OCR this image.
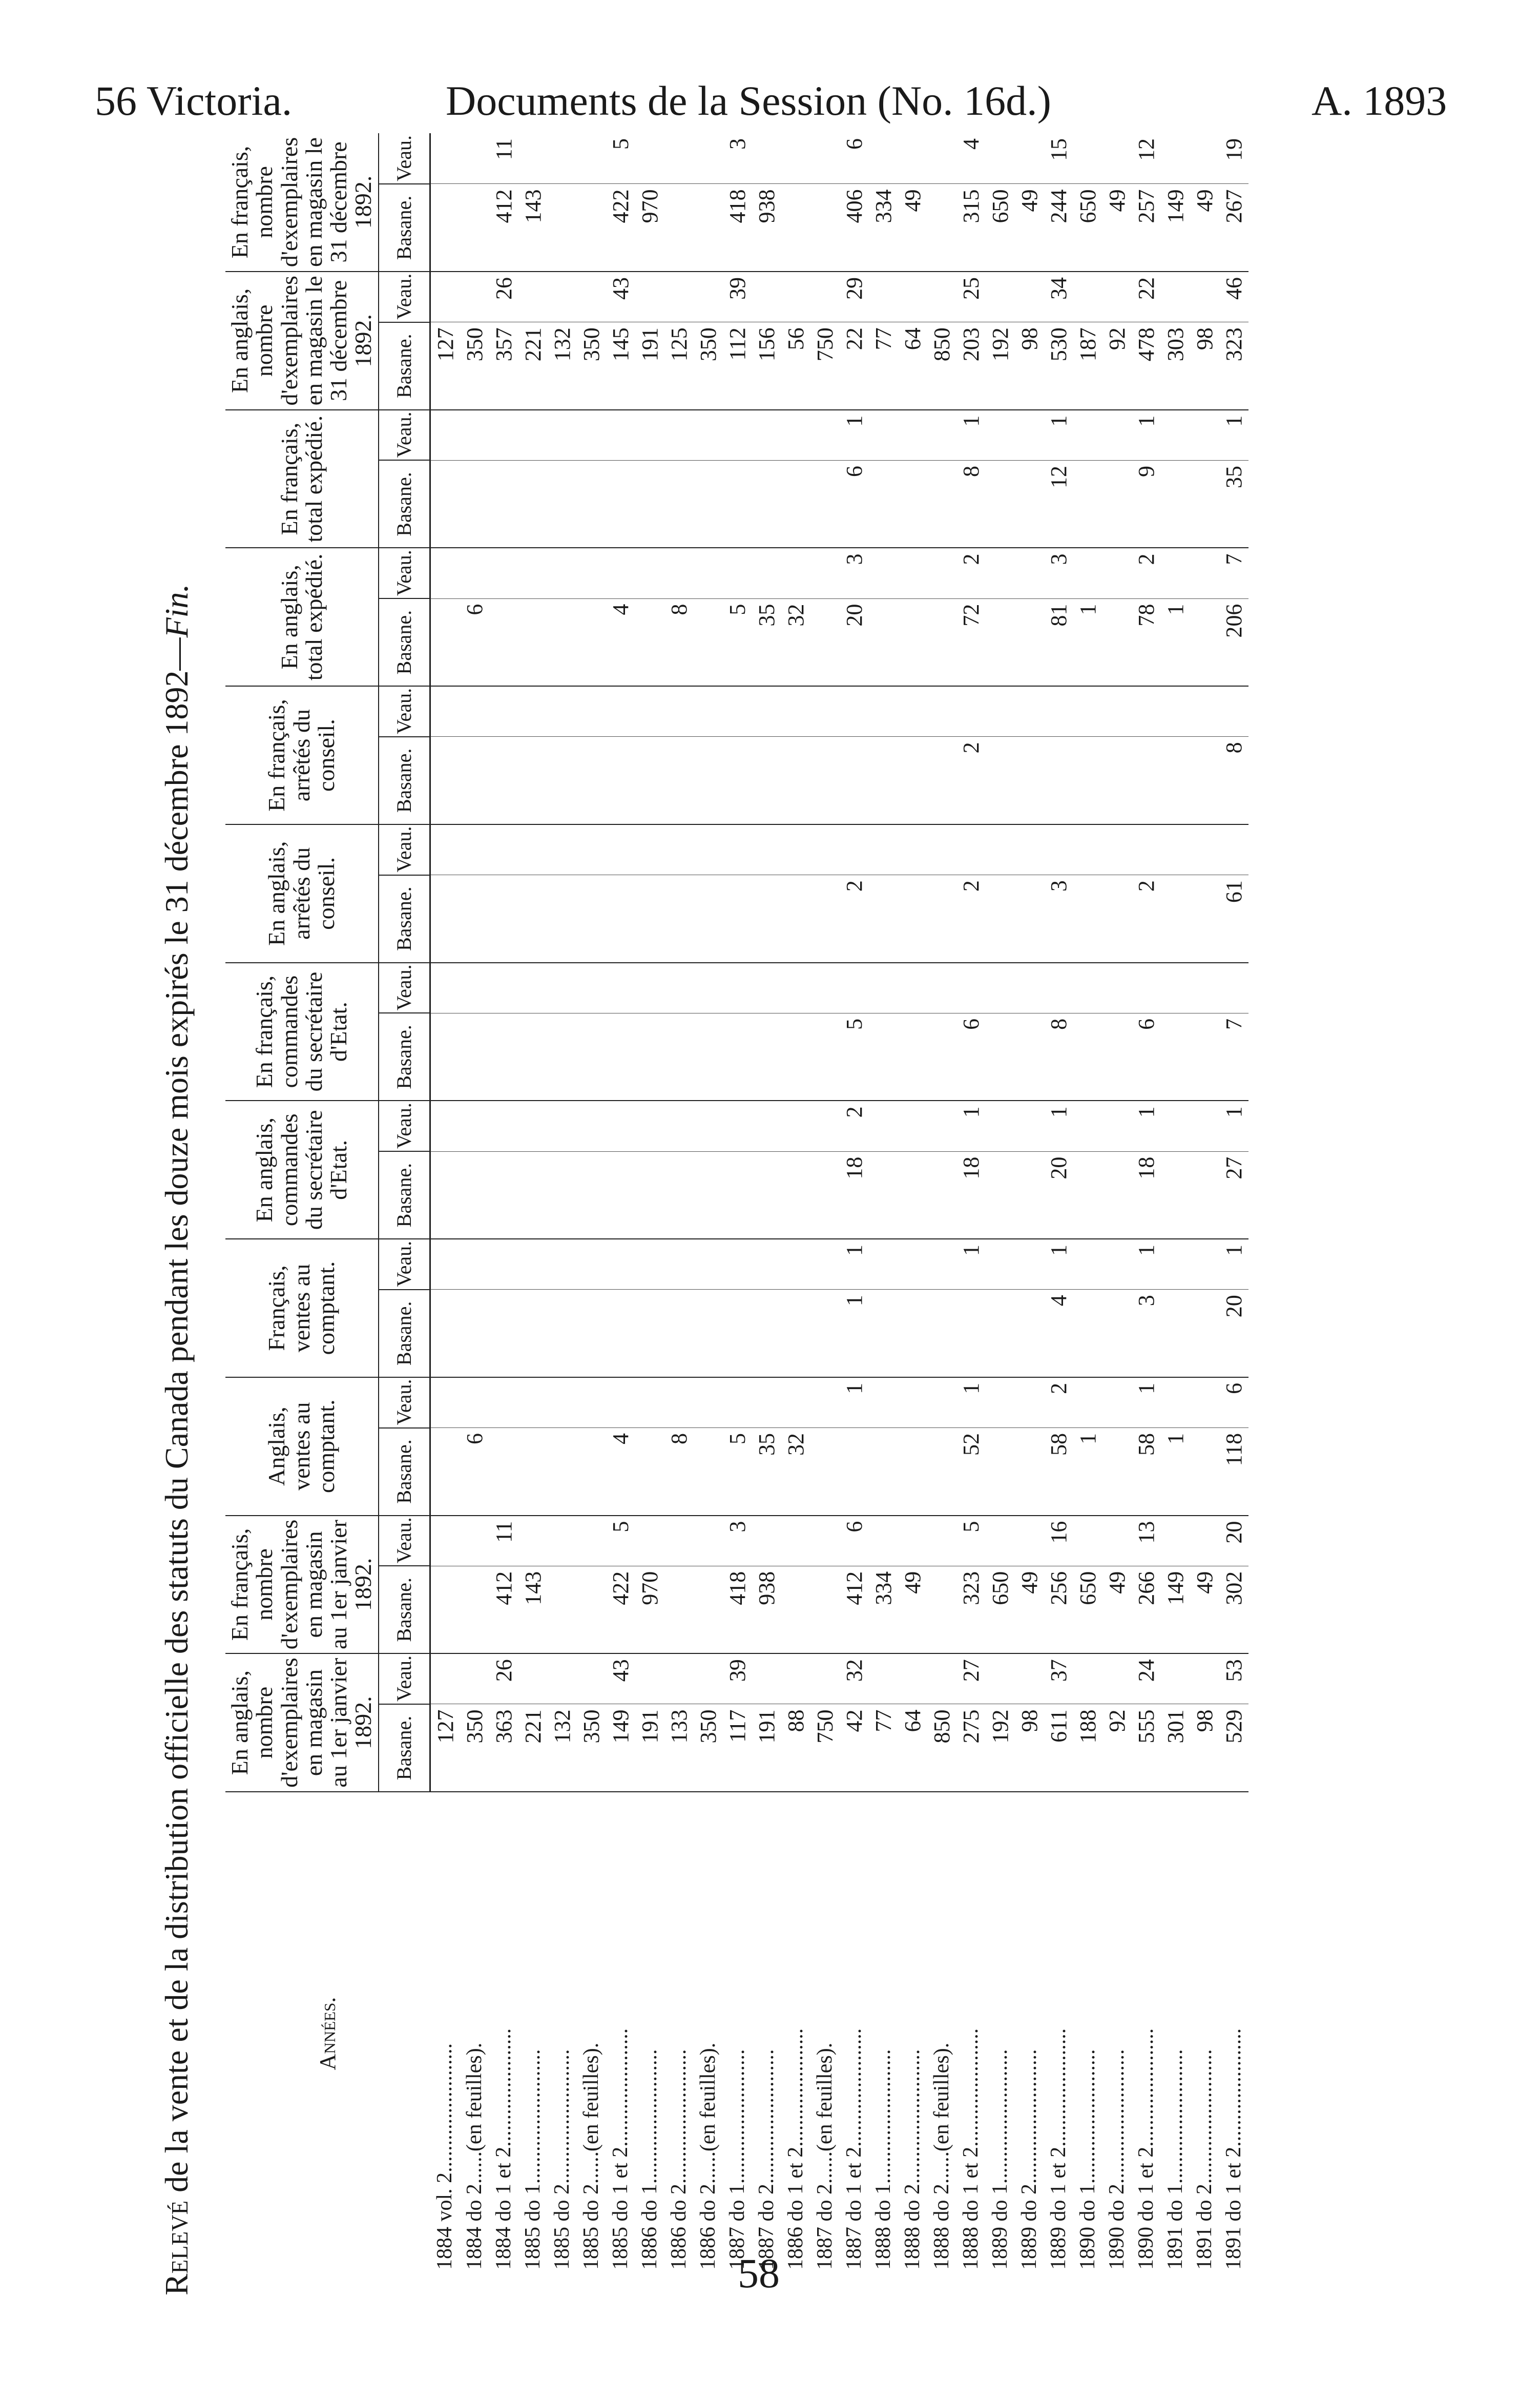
56 Victoria.	Documents de la Session (No. 16d.)	A. 1893
Relevé de la vente et de la distribution officielle des statuts du Canada pendant les douze mois expirés le 31 décembre 1892—Fin.
Années.	En anglais, nombre d'exemplaires en magasin au 1er janvier 1892.		En français, nombre d'exemplaires en magasin au 1er janvier 1892.		Anglais, ventes au comptant.		Français, ventes au comptant.		En anglais, commandes du secrétaire d'Etat.		En français, commandes du secrétaire d'Etat.		En anglais, arrêtés du conseil.		En français, arrêtés du conseil.		En anglais, total expédié.		En français, total expédié.		En anglais, nombre d'exemplaires en magasin le 31 décembre 1892.		En français, nombre d'exemplaires en magasin le 31 décembre 1892.	
	Basane.	Veau.	Basane.	Veau.	Basane.	Veau.	Basane.	Veau.	Basane.	Veau.	Basane.	Veau.	Basane.	Veau.	Basane.	Veau.	Basane.	Veau.	Basane.	Veau.	Basane.	Veau.	Basane.	Veau.
1884 vol. 2........................	127																				127			
1884 do 2......(en feuilles).	350				6												6				350			
1884 do 1 et 2......................	363	26	412	11																	357	26	412	11
1885 do 1.........................	221		143																		221		143	
1885 do 2.........................	132																				132			
1885 do 2......(en feuilles).	350																				350			
1885 do 1 et 2......................	149	43	422	5	4												4				145	43	422	5
1886 do 1.........................	191		970																		191		970	
1886 do 2.........................	133				8												8				125			
1886 do 2......(en feuilles).	350																				350			
1887 do 1.........................	117	39	418	3	5												5				112	39	418	3
1887 do 2.........................	191		938		35												35				156		938	
1886 do 1 et 2......................	88				32												32				56			
1887 do 2......(en feuilles).	750																				750			
1887 do 1 et 2......................	42	32	412	6		1	1	1	18	2	5		2				20	3	6	1	22	29	406	6
1888 do 1.........................	77		334																		77		334	
1888 do 2.........................	64		49																		64		49	
1888 do 2......(en feuilles).	850																				850			
1888 do 1 et 2......................	275	27	323	5	52	1		1	18	1	6		2		2		72	2	8	1	203	25	315	4
1889 do 1.........................	192		650																		192		650	
1889 do 2.........................	98		49																		98		49	
1889 do 1 et 2......................	611	37	256	16	58	2	4	1	20	1	8		3				81	3	12	1	530	34	244	15
1890 do 1.........................	188		650		1												1				187		650	
1890 do 2.........................	92		49																		92		49	
1890 do 1 et 2......................	555	24	266	13	58	1	3	1	18	1	6		2				78	2	9	1	478	22	257	12
1891 do 1.........................	301		149		1												1				303		149	
1891 do 2.........................	98		49																		98		49	
1891 do 1 et 2......................	529	53	302	20	118	6	20	1	27	1	7		61		8		206	7	35	1	323	46	267	19
58
